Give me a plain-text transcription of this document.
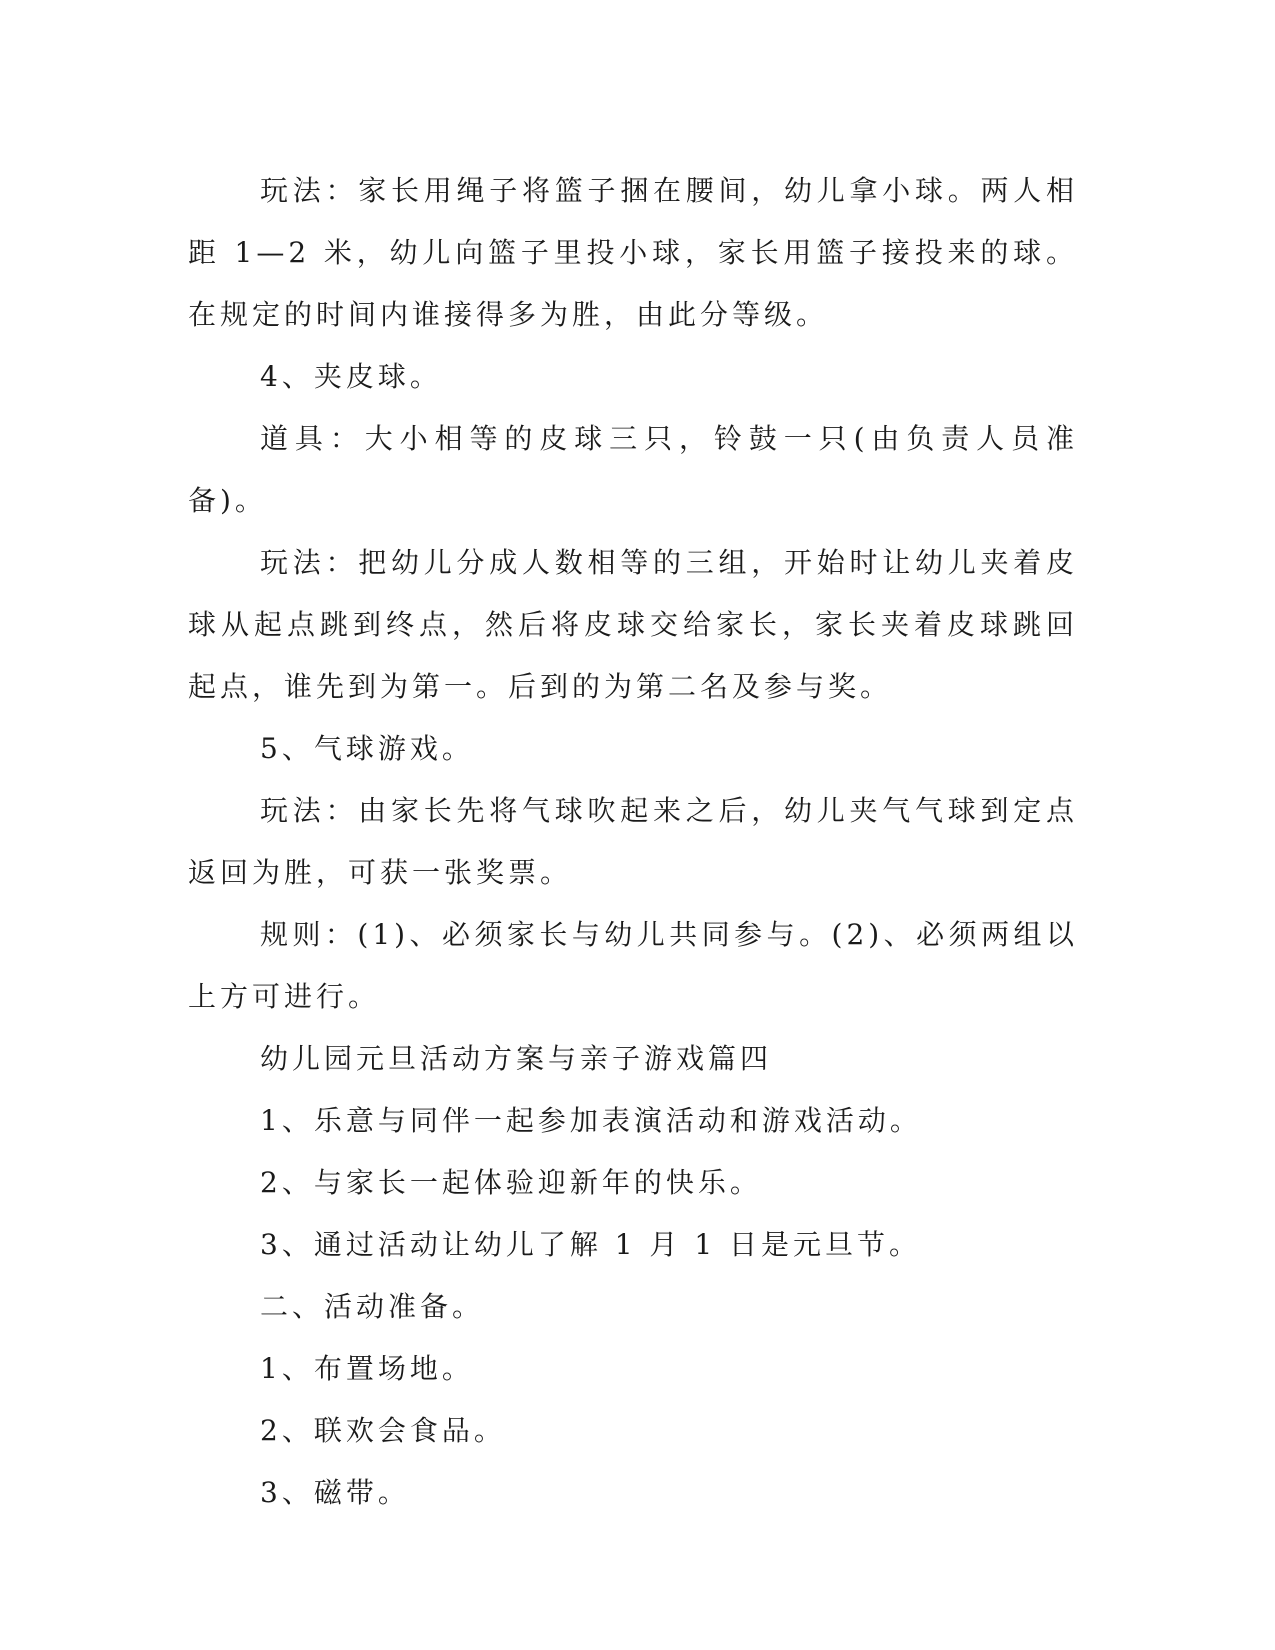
玩法：家长用绳子将篮子捆在腰间，幼儿拿小球。两人相距 1—2 米，幼儿向篮子里投小球，家长用篮子接投来的球。在规定的时间内谁接得多为胜，由此分等级。

4、夹皮球。

道具：大小相等的皮球三只，铃鼓一只(由负责人员准备)。

玩法：把幼儿分成人数相等的三组，开始时让幼儿夹着皮球从起点跳到终点，然后将皮球交给家长，家长夹着皮球跳回起点，谁先到为第一。后到的为第二名及参与奖。

5、气球游戏。

玩法：由家长先将气球吹起来之后，幼儿夹气气球到定点返回为胜，可获一张奖票。

规则：(1)、必须家长与幼儿共同参与。(2)、必须两组以上方可进行。

幼儿园元旦活动方案与亲子游戏篇四

1、乐意与同伴一起参加表演活动和游戏活动。

2、与家长一起体验迎新年的快乐。

3、通过活动让幼儿了解 1 月 1 日是元旦节。

二、活动准备。

1、布置场地。

2、联欢会食品。

3、磁带。
